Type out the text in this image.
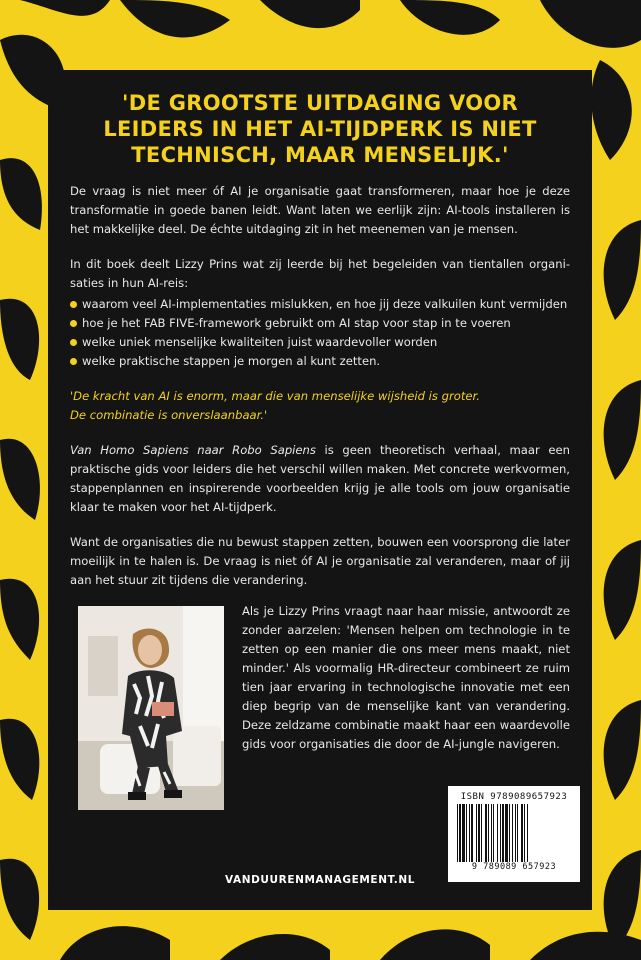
'DE GROOTSTE UITDAGING VOOR LEIDERS IN HET AI-TIJDPERK IS NIET TECHNISCH, MAAR MENSELIJK.'

De vraag is niet meer óf AI je organisatie gaat transformeren, maar hoe je deze transformatie in goede banen leidt. Want laten we eerlijk zijn: AI-tools installeren is het makkelijke deel. De échte uitdaging zit in het meenemen van je mensen.

In dit boek deelt Lizzy Prins wat zij leerde bij het begeleiden van tientallen organisaties in hun AI-reis:
waarom veel AI-implementaties mislukken, en hoe jij deze valkuilen kunt vermijden
hoe je het FAB FIVE-framework gebruikt om AI stap voor stap in te voeren
welke uniek menselijke kwaliteiten juist waardevoller worden
welke praktische stappen je morgen al kunt zetten.
'De kracht van AI is enorm, maar die van menselijke wijsheid is groter.
De combinatie is onverslaanbaar.'

Van Homo Sapiens naar Robo Sapiens is geen theoretisch verhaal, maar een praktische gids voor leiders die het verschil willen maken. Met concrete werkvormen, stappenplannen en inspirerende voorbeelden krijg je alle tools om jouw organisatie klaar te maken voor het AI-tijdperk.

Want de organisaties die nu bewust stappen zetten, bouwen een voorsprong die later moeilijk in te halen is. De vraag is niet óf AI je organisatie zal veranderen, maar of jij aan het stuur zit tijdens die verandering.

Als je Lizzy Prins vraagt naar haar missie, antwoordt ze zonder aarzelen: 'Mensen helpen om technologie in te zetten op een manier die ons meer mens maakt, niet minder.' Als voormalig HR-directeur combineert ze ruim tien jaar ervaring in technologische innovatie met een diep begrip van de menselijke kant van verandering. Deze zeldzame combinatie maakt haar een waardevolle gids voor organisaties die door de AI-jungle navigeren.

ISBN 9789089657923
9 789089 657923
VANDUURENMANAGEMENT.NL
